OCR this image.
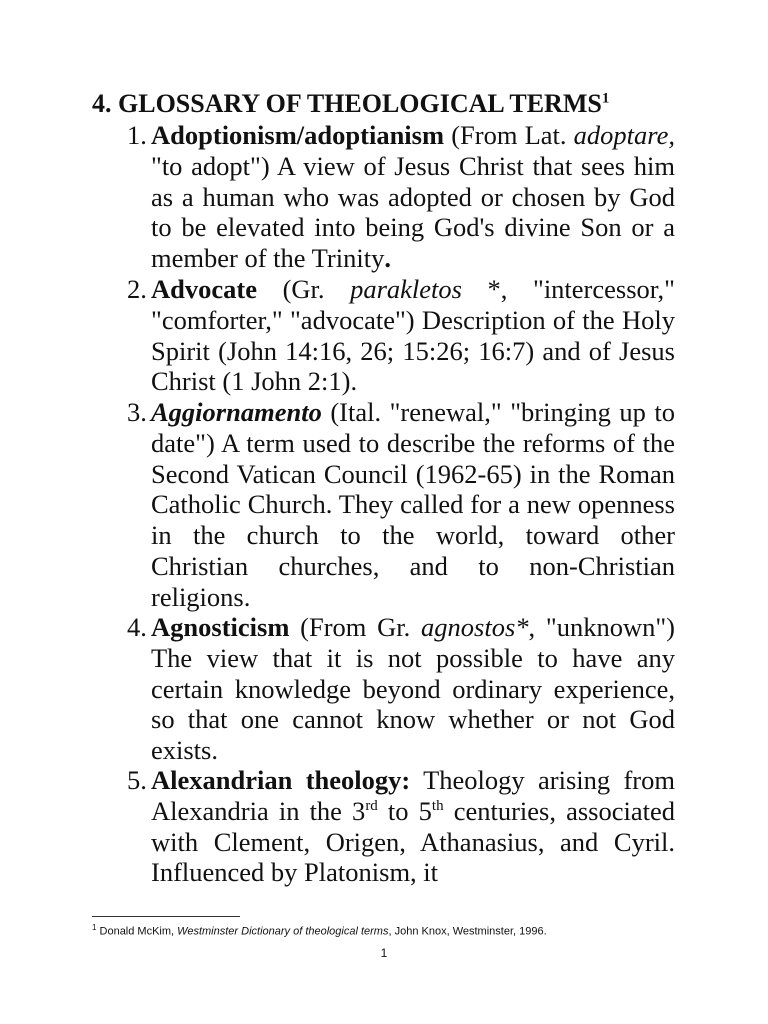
4. GLOSSARY OF THEOLOGICAL TERMS$^1$
1. Adoptionism/adoptianism (From Lat. adoptare, "to adopt") A view of Jesus Christ that sees him as a human who was adopted or chosen by God to be elevated into being God's divine Son or a member of the Trinity.
2. Advocate (Gr. parakletos *, "intercessor," "comforter," "advocate") Description of the Holy Spirit (John 14:16, 26; 15:26; 16:7) and of Jesus Christ (1 John 2:1).
3. Aggiornamento (Ital. "renewal," "bringing up to date") A term used to describe the reforms of the Second Vatican Council (1962-65) in the Roman Catholic Church. They called for a new openness in the church to the world, toward other Christian churches, and to non-Christian religions.
4. Agnosticism (From Gr. agnostos*, "unknown") The view that it is not possible to have any certain knowledge beyond ordinary experience, so that one cannot know whether or not God exists.
5. Alexandrian theology: Theology arising from Alexandria in the 3rd to 5th centuries, associated with Clement, Origen, Athanasius, and Cyril. Influenced by Platonism, it
$^1$ Donald McKim, Westminster Dictionary of theological terms, John Knox, Westminster, 1996.
1
